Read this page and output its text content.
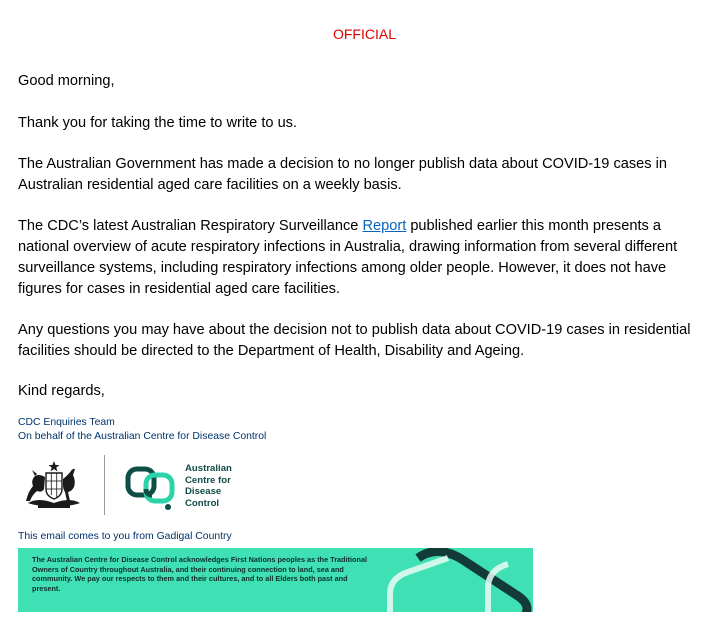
OFFICIAL

Good morning,

Thank you for taking the time to write to us.

The Australian Government has made a decision to no longer publish data about COVID-19 cases in Australian residential aged care facilities on a weekly basis.

The CDC’s latest Australian Respiratory Surveillance Report published earlier this month presents a national overview of acute respiratory infections in Australia, drawing information from several different surveillance systems, including respiratory infections among older people. However, it does not have figures for cases in residential aged care facilities.

Any questions you may have about the decision not to publish data about COVID-19 cases in residential facilities should be directed to the Department of Health, Disability and Ageing.

Kind regards,

CDC Enquiries Team

On behalf of the Australian Centre for Disease Control

Australian
Centre for
Disease
Control

This email comes to you from Gadigal Country

The Australian Centre for Disease Control acknowledges First Nations peoples as the Traditional Owners of Country throughout Australia, and their continuing connection to land, sea and community. We pay our respects to them and their cultures, and to all Elders both past and present.
